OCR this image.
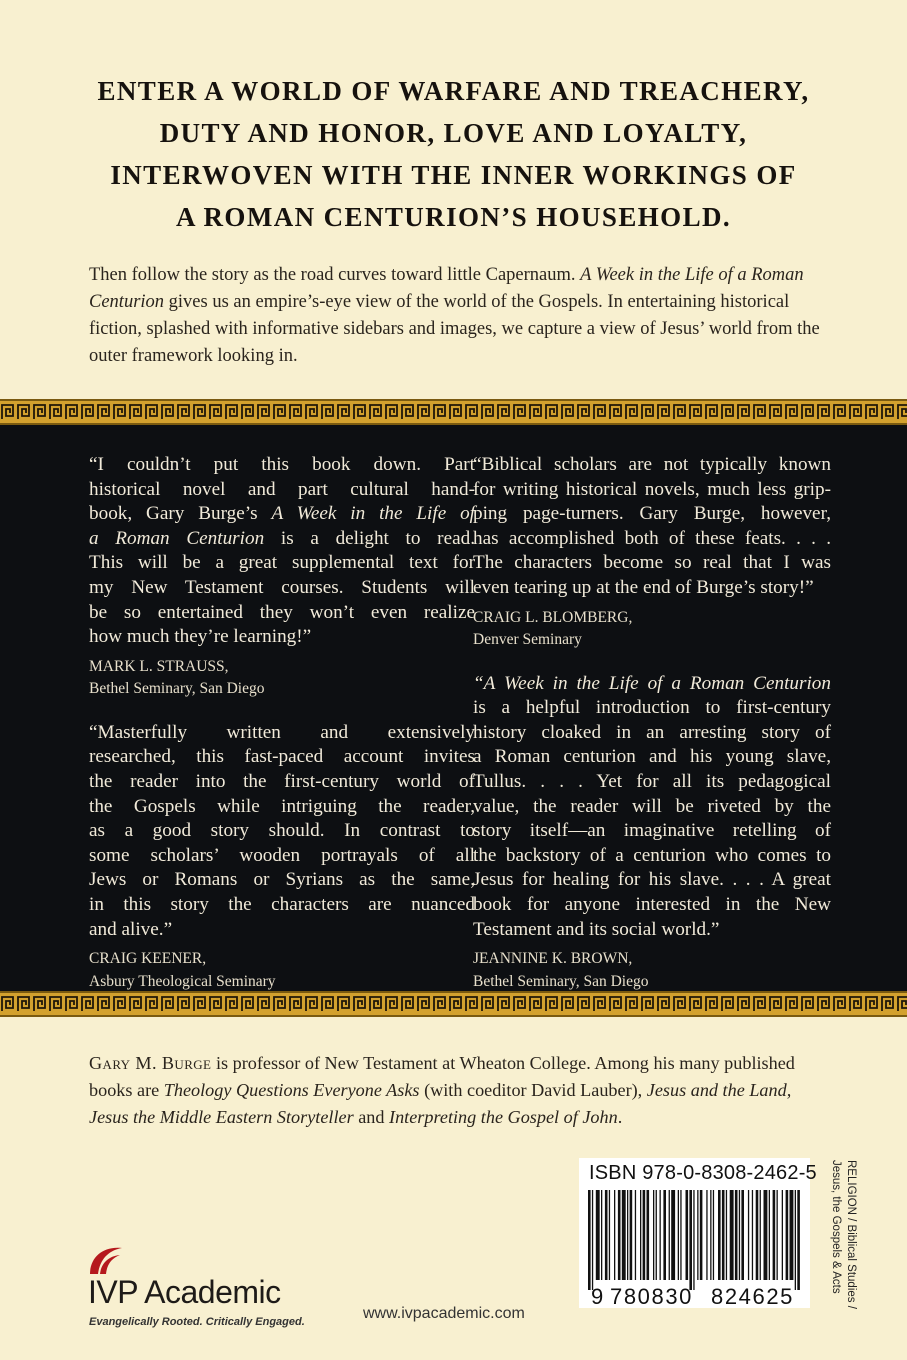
ENTER A WORLD OF WARFARE AND TREACHERY,
DUTY AND HONOR, LOVE AND LOYALTY,
INTERWOVEN WITH THE INNER WORKINGS OF
A ROMAN CENTURION’S HOUSEHOLD.

Then follow the story as the road curves toward little Capernaum. A Week in the Life of a Roman Centurion gives us an empire’s-eye view of the world of the Gospels. In entertaining historical fiction, splashed with informative sidebars and images, we capture a view of Jesus’ world from the outer framework looking in.

“I couldn’t put this book down. Part
historical novel and part cultural hand-
book, Gary Burge’s A Week in the Life of
a Roman Centurion is a delight to read.
This will be a great supplemental text for
my New Testament courses. Students will
be so entertained they won’t even realize
how much they’re learning!”

MARK L. STRAUSS,
Bethel Seminary, San Diego

“Masterfully written and extensively
researched, this fast-paced account invites
the reader into the first-century world of
the Gospels while intriguing the reader,
as a good story should. In contrast to
some scholars’ wooden portrayals of all
Jews or Romans or Syrians as the same,
in this story the characters are nuanced
and alive.”

CRAIG KEENER,
Asbury Theological Seminary

“Biblical scholars are not typically known
for writing historical novels, much less grip-
ping page-turners. Gary Burge, however,
has accomplished both of these feats. . . .
The characters become so real that I was
even tearing up at the end of Burge’s story!”

CRAIG L. BLOMBERG,
Denver Seminary

“A Week in the Life of a Roman Centurion
is a helpful introduction to first-century
history cloaked in an arresting story of
a Roman centurion and his young slave,
Tullus. . . . Yet for all its pedagogical
value, the reader will be riveted by the
story itself—an imaginative retelling of
the backstory of a centurion who comes to
Jesus for healing for his slave. . . . A great
book for anyone interested in the New
Testament and its social world.”

JEANNINE K. BROWN,
Bethel Seminary, San Diego

Gary M. Burge is professor of New Testament at Wheaton College. Among his many published books are Theology Questions Everyone Asks (with coeditor David Lauber), Jesus and the Land, Jesus the Middle Eastern Storyteller and Interpreting the Gospel of John.

ISBN 978-0-8308-2462-5
9 780830 824625	RELIGION / Biblical Studies /
Jesus, the Gospels & Acts
IVP Academic
Evangelically Rooted. Critically Engaged.	www.ivpacademic.com
